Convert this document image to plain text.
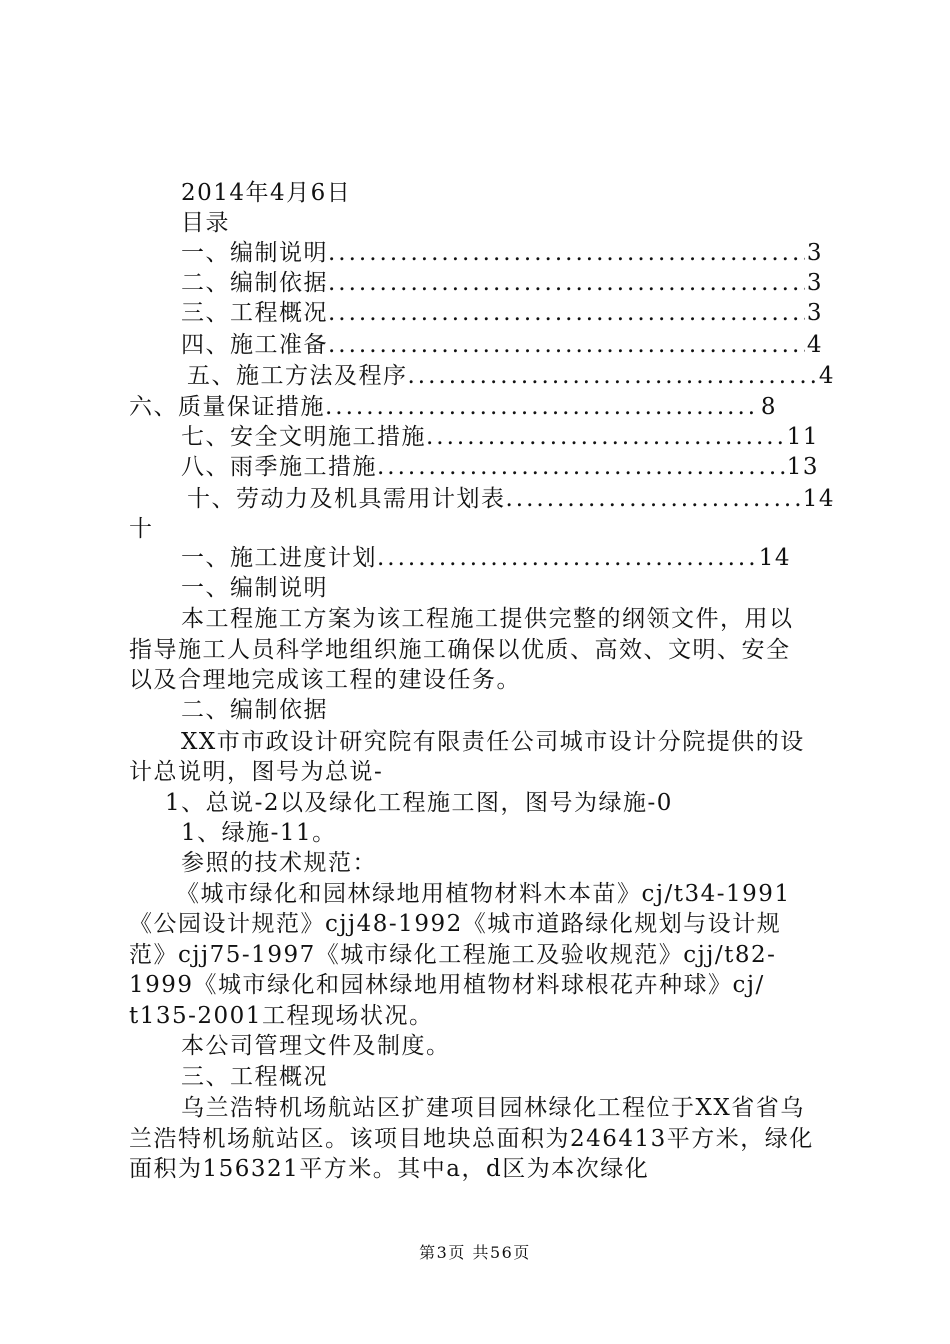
2014年4月6日
目录
一、编制说明 .....	3
二、编制依据 .....	3
三、工程概况 .....	3
四、施工准备 .....	4
五、施工方法及程序 .....	4
六、质量保证措施 .....	8
七、安全文明施工措施 .....	11
八、雨季施工措施 .....	13
十、劳动力及机具需用计划表 .....	14
十
一、施工进度计划 .....	14
一、编制说明
本工程施工方案为该工程施工提供完整的纲领文件，用以
指导施工人员科学地组织施工确保以优质、高效、文明、安全
以及合理地完成该工程的建设任务。
二、编制依据
XX市市政设计研究院有限责任公司城市设计分院提供的设
计总说明，图号为总说-
1、总说-2以及绿化工程施工图，图号为绿施-0
1、绿施-11。
参照的技术规范：
《城市绿化和园林绿地用植物材料木本苗》cj/t34-1991
《公园设计规范》cjj48-1992《城市道路绿化规划与设计规
范》cjj75-1997《城市绿化工程施工及验收规范》cjj/t82-
1999《城市绿化和园林绿地用植物材料球根花卉种球》cj/
t135-2001工程现场状况。
本公司管理文件及制度。
三、工程概况
乌兰浩特机场航站区扩建项目园林绿化工程位于XX省省乌
兰浩特机场航站区。该项目地块总面积为246413平方米，绿化
面积为156321平方米。其中a，d区为本次绿化
第3页 共56页
